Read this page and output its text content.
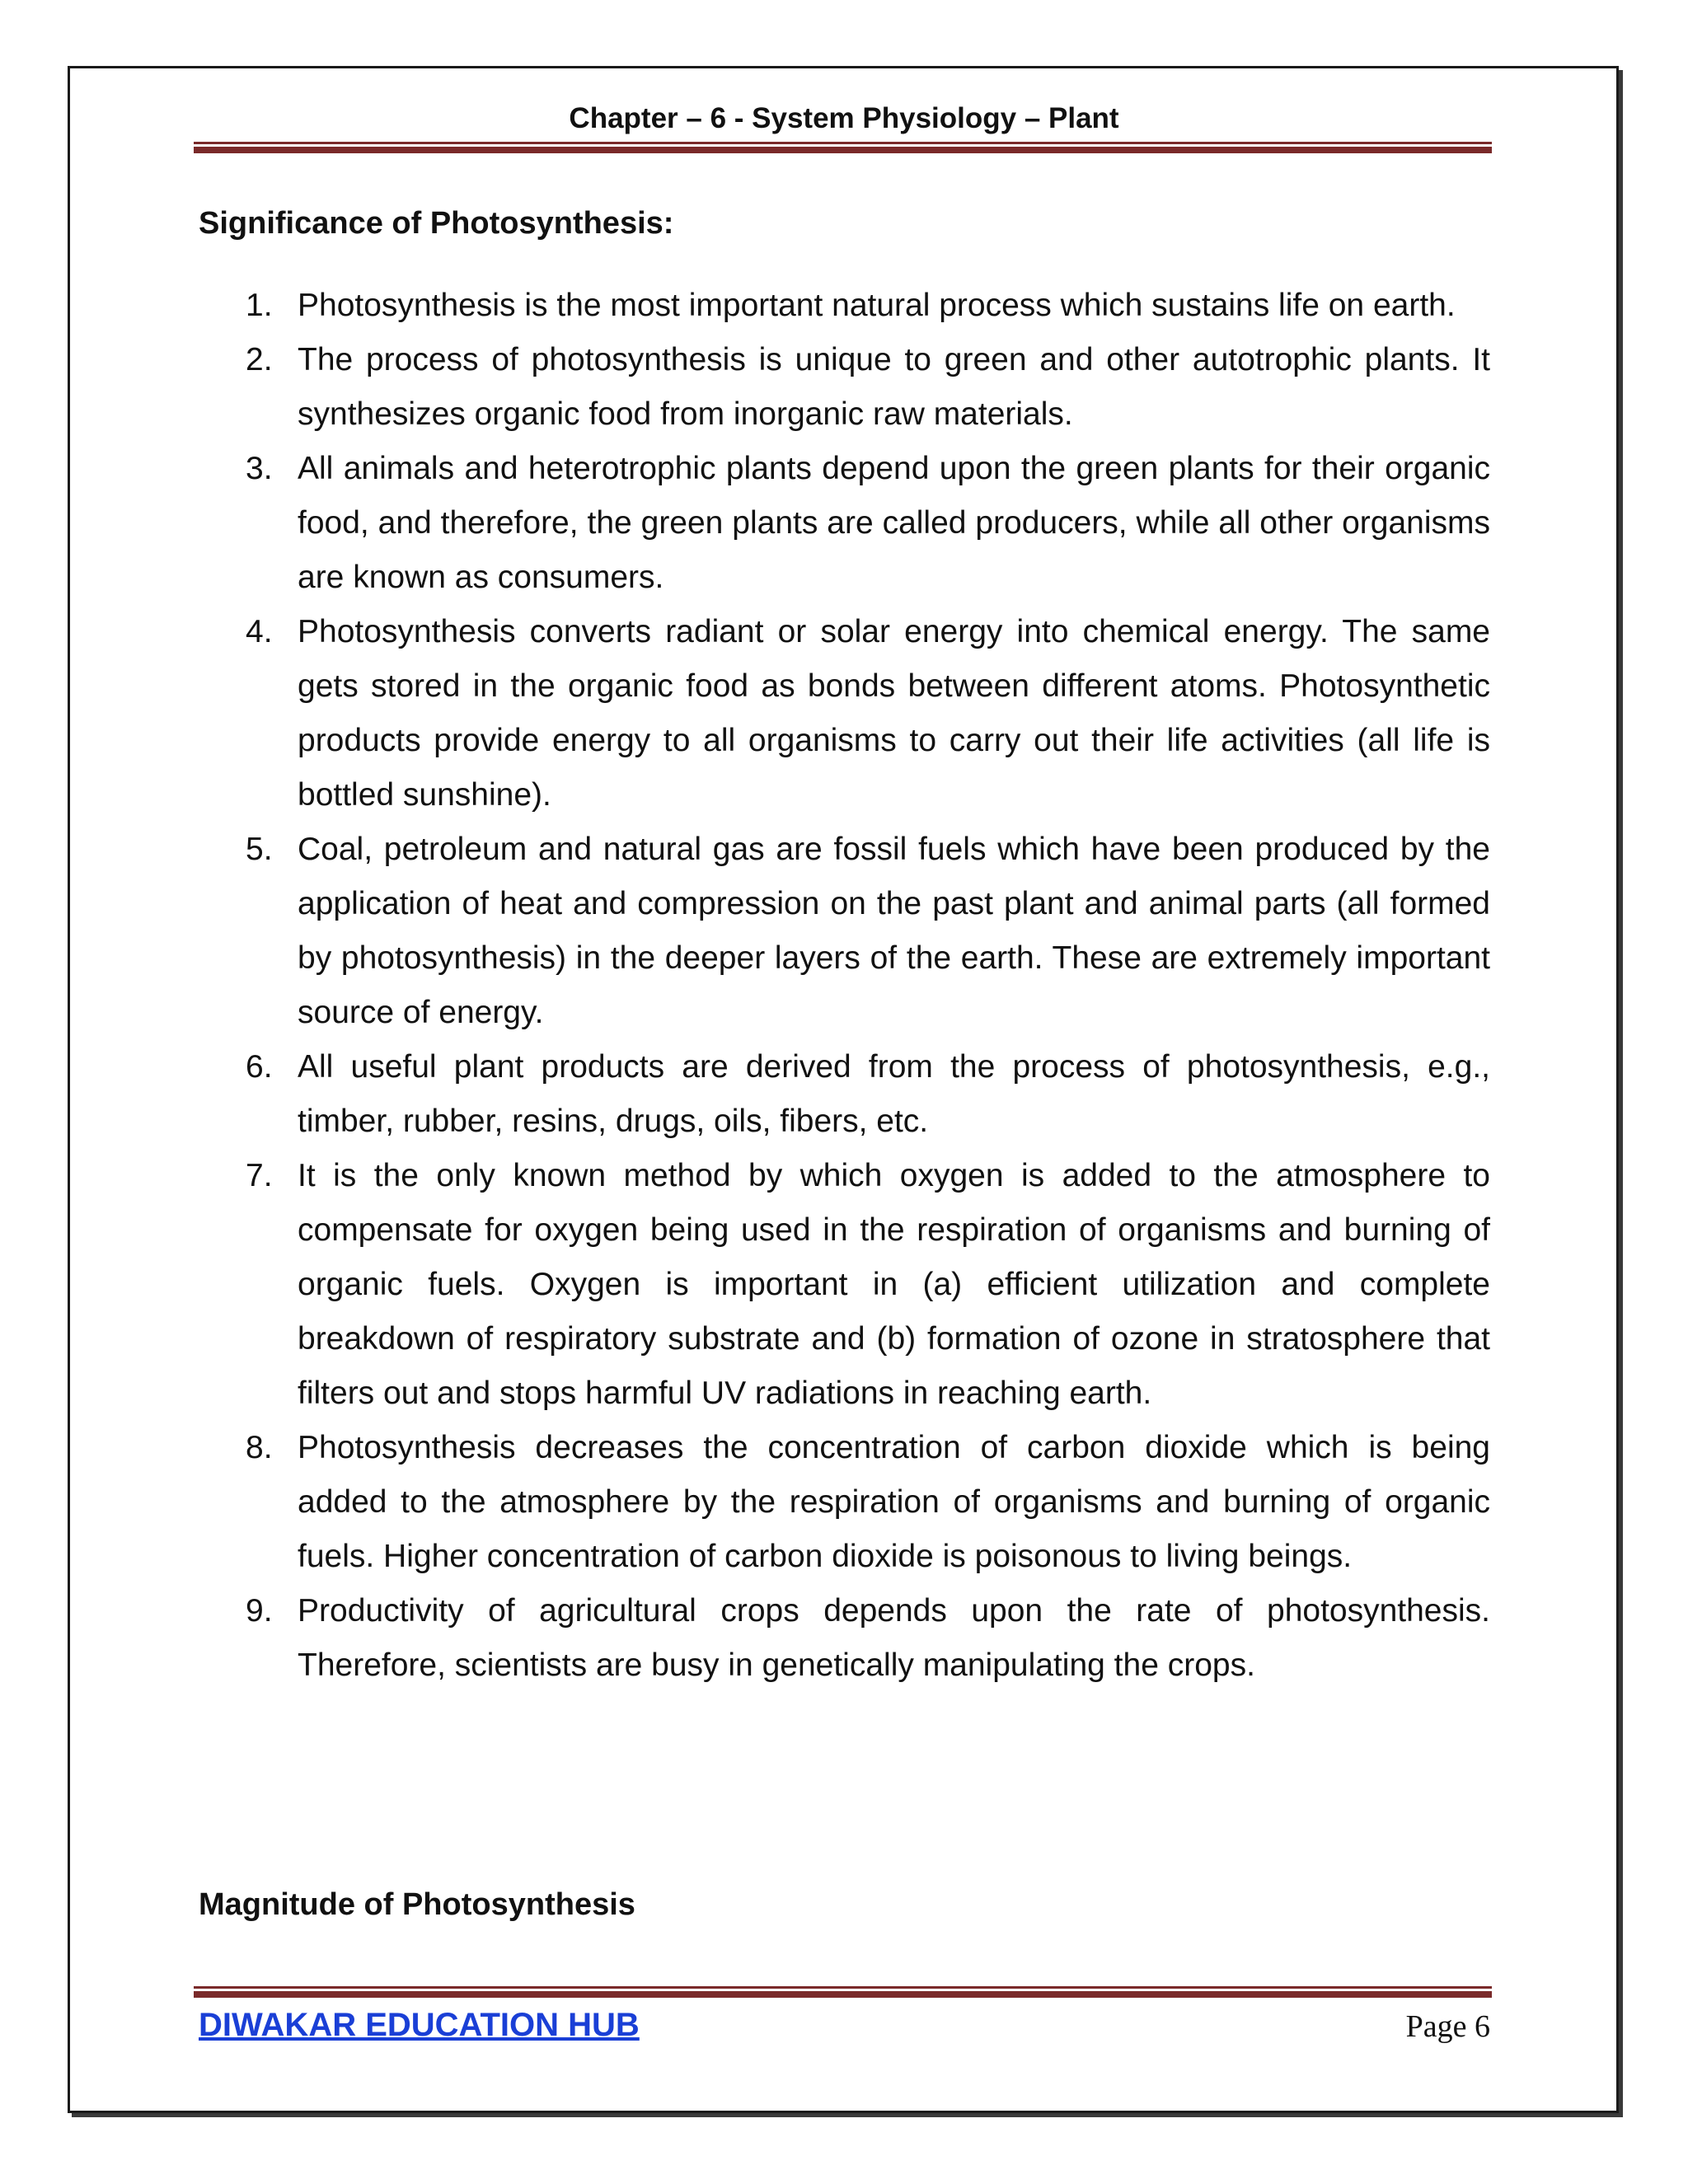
Chapter – 6 - System Physiology – Plant
Significance of Photosynthesis:
1. Photosynthesis is the most important natural process which sustains life on earth.
2. The process of photosynthesis is unique to green and other autotrophic plants. It synthesizes organic food from inorganic raw materials.
3. All animals and heterotrophic plants depend upon the green plants for their organic food, and therefore, the green plants are called producers, while all other organisms are known as consumers.
4. Photosynthesis converts radiant or solar energy into chemical energy. The same gets stored in the organic food as bonds between different atoms. Photosynthetic products provide energy to all organisms to carry out their life activities (all life is bottled sunshine).
5. Coal, petroleum and natural gas are fossil fuels which have been produced by the application of heat and compression on the past plant and animal parts (all formed by photosynthesis) in the deeper layers of the earth. These are extremely important source of energy.
6. All useful plant products are derived from the process of photosynthesis, e.g., timber, rubber, resins, drugs, oils, fibers, etc.
7. It is the only known method by which oxygen is added to the atmosphere to compensate for oxygen being used in the respiration of organisms and burning of organic fuels. Oxygen is important in (a) efficient utilization and complete breakdown of respiratory substrate and (b) formation of ozone in stratosphere that filters out and stops harmful UV radiations in reaching earth.
8. Photosynthesis decreases the concentration of carbon dioxide which is being added to the atmosphere by the respiration of organisms and burning of organic fuels. Higher concentration of carbon dioxide is poisonous to living beings.
9. Productivity of agricultural crops depends upon the rate of photosynthesis. Therefore, scientists are busy in genetically manipulating the crops.
Magnitude of Photosynthesis
DIWAKAR EDUCATION HUB	Page 6
